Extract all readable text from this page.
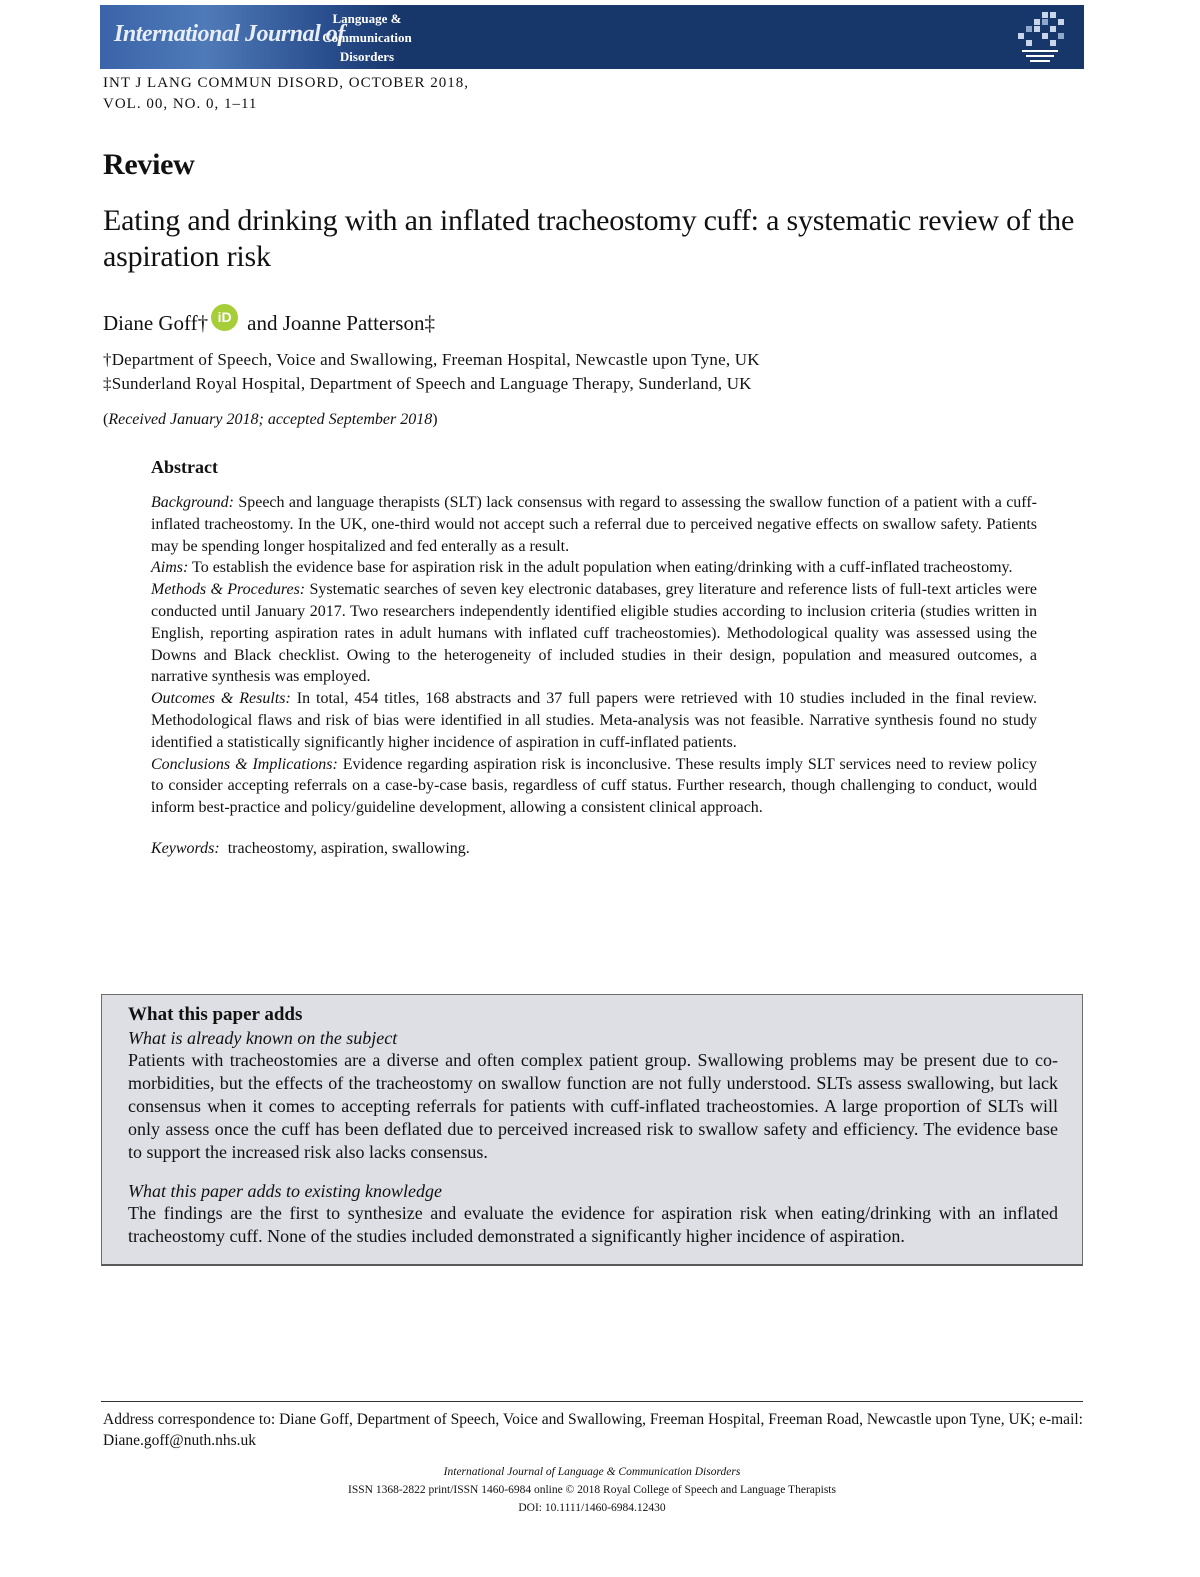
International Journal of
Language &
Communication
Disorders
INT J LANG COMMUN DISORD, OCTOBER 2018,
VOL. 00, NO. 0, 1–11
Review
Eating and drinking with an inflated tracheostomy cuff: a systematic review of the aspiration risk
Diane Goff† iD and Joanne Patterson‡
†Department of Speech, Voice and Swallowing, Freeman Hospital, Newcastle upon Tyne, UK
‡Sunderland Royal Hospital, Department of Speech and Language Therapy, Sunderland, UK
(Received January 2018; accepted September 2018)
Abstract

Background: Speech and language therapists (SLT) lack consensus with regard to assessing the swallow function of a patient with a cuff-inflated tracheostomy. In the UK, one-third would not accept such a referral due to perceived negative effects on swallow safety. Patients may be spending longer hospitalized and fed enterally as a result.

Aims: To establish the evidence base for aspiration risk in the adult population when eating/drinking with a cuff-inflated tracheostomy.

Methods & Procedures: Systematic searches of seven key electronic databases, grey literature and reference lists of full-text articles were conducted until January 2017. Two researchers independently identified eligible studies according to inclusion criteria (studies written in English, reporting aspiration rates in adult humans with inflated cuff tracheostomies). Methodological quality was assessed using the Downs and Black checklist. Owing to the heterogeneity of included studies in their design, population and measured outcomes, a narrative synthesis was employed.

Outcomes & Results: In total, 454 titles, 168 abstracts and 37 full papers were retrieved with 10 studies included in the final review. Methodological flaws and risk of bias were identified in all studies. Meta-analysis was not feasible. Narrative synthesis found no study identified a statistically significantly higher incidence of aspiration in cuff-inflated patients.

Conclusions & Implications: Evidence regarding aspiration risk is inconclusive. These results imply SLT services need to review policy to consider accepting referrals on a case-by-case basis, regardless of cuff status. Further research, though challenging to conduct, would inform best-practice and policy/guideline development, allowing a consistent clinical approach.

Keywords: tracheostomy, aspiration, swallowing.
What this paper adds
What is already known on the subject

Patients with tracheostomies are a diverse and often complex patient group. Swallowing problems may be present due to co-morbidities, but the effects of the tracheostomy on swallow function are not fully understood. SLTs assess swallowing, but lack consensus when it comes to accepting referrals for patients with cuff-inflated tracheostomies. A large proportion of SLTs will only assess once the cuff has been deflated due to perceived increased risk to swallow safety and efficiency. The evidence base to support the increased risk also lacks consensus.

What this paper adds to existing knowledge

The findings are the first to synthesize and evaluate the evidence for aspiration risk when eating/drinking with an inflated tracheostomy cuff. None of the studies included demonstrated a significantly higher incidence of aspiration.

Address correspondence to: Diane Goff, Department of Speech, Voice and Swallowing, Freeman Hospital, Freeman Road, Newcastle upon Tyne, UK; e-mail: Diane.goff@nuth.nhs.uk
International Journal of Language & Communication Disorders
ISSN 1368-2822 print/ISSN 1460-6984 online © 2018 Royal College of Speech and Language Therapists
DOI: 10.1111/1460-6984.12430
